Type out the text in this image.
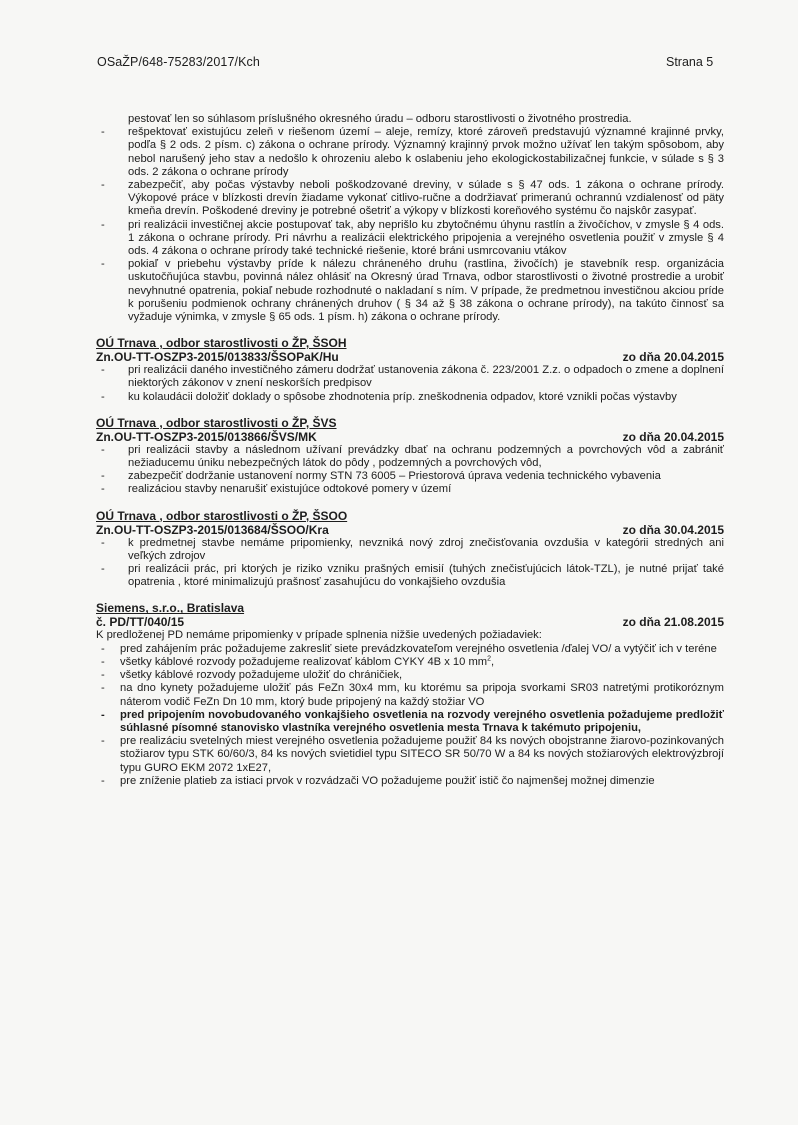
OSaŽP/648-75283/2017/Kch	Strana 5
pestovať len so súhlasom príslušného okresného úradu – odboru starostlivosti o životného prostredia.
- rešpektovať existujúcu zeleň v riešenom území – aleje, remízy, ktoré zároveň predstavujú významné krajinné prvky, podľa § 2 ods. 2 písm. c) zákona o ochrane prírody. Významný krajinný prvok možno užívať len takým spôsobom, aby nebol narušený jeho stav a nedošlo k ohrozeniu alebo k oslabeniu jeho ekologickostabilizačnej funkcie, v súlade s § 3 ods. 2 zákona o ochrane prírody
- zabezpečiť, aby počas výstavby neboli poškodzované dreviny, v súlade s § 47 ods. 1 zákona o ochrane prírody. Výkopové práce v blízkosti drevín žiadame vykonať citlivo-ručne a dodržiavať primeranú ochrannú vzdialenosť od päty kmeňa drevín. Poškodené dreviny je potrebné ošetriť a výkopy v blízkosti koreňového systému čo najskôr zasypať.
- pri realizácii investičnej akcie postupovať tak, aby neprišlo ku zbytočnému úhynu rastlín a živočíchov, v zmysle § 4 ods. 1 zákona o ochrane prírody. Pri návrhu a realizácii elektrického pripojenia a verejného osvetlenia použiť v zmysle § 4 ods. 4 zákona o ochrane prírody také technické riešenie, ktoré bráni usmrcovaniu vtákov
- pokiaľ v priebehu výstavby príde k nálezu chráneného druhu (rastlina, živočích) je stavebník resp. organizácia uskutočňujúca stavbu, povinná nález ohlásiť na Okresný úrad Trnava, odbor starostlivosti o životné prostredie a urobiť nevyhnutné opatrenia, pokiaľ nebude rozhodnuté o nakladaní s ním. V prípade, že predmetnou investičnou akciou príde k porušeniu podmienok ochrany chránených druhov ( § 34 až § 38 zákona o ochrane prírody), na takúto činnosť sa vyžaduje výnimka, v zmysle § 65 ods. 1 písm. h) zákona o ochrane prírody.
OÚ Trnava , odbor starostlivosti o ŽP, ŠSOH
Zn.OU-TT-OSZP3-2015/013833/ŠSOPaK/Hu	zo dňa 20.04.2015
- pri realizácii daného investičného zámeru dodržať ustanovenia zákona č. 223/2001 Z.z. o odpadoch o zmene a doplnení niektorých zákonov v znení neskorších predpisov
- ku kolaudácii doložiť doklady o spôsobe zhodnotenia príp. zneškodnenia odpadov, ktoré vznikli počas výstavby
OÚ Trnava , odbor starostlivosti o ŽP, ŠVS
Zn.OU-TT-OSZP3-2015/013866/ŠVS/MK	zo dňa 20.04.2015
- pri realizácii stavby a následnom užívaní prevádzky dbať na ochranu podzemných a povrchových vôd a zabrániť nežiaducemu úniku nebezpečných látok do pôdy , podzemných a povrchových vôd,
- zabezpečiť dodržanie ustanovení normy STN 73 6005 – Priestorová úprava vedenia technického vybavenia
- realizáciou stavby nenarušiť existujúce odtokové pomery v území
OÚ Trnava , odbor starostlivosti o ŽP, ŠSOO
Zn.OU-TT-OSZP3-2015/013684/ŠSOO/Kra	zo dňa 30.04.2015
- k predmetnej stavbe nemáme pripomienky, nevzniká nový zdroj znečisťovania ovzdušia v kategórii stredných ani veľkých zdrojov
- pri realizácii prác, pri ktorých je riziko vzniku prašných emisií (tuhých znečisťujúcich látok-TZL), je nutné prijať také opatrenia , ktoré minimalizujú prašnosť zasahujúcu do vonkajšieho ovzdušia
Siemens, s.r.o., Bratislava
č. PD/TT/040/15	zo dňa 21.08.2015
K predloženej PD nemáme pripomienky v prípade splnenia nižšie uvedených požiadaviek:
- pred zahájením prác požadujeme zakresliť siete prevádzkovateľom verejného osvetlenia /ďalej VO/ a vytýčiť ich v teréne
- všetky káblové rozvody požadujeme realizovať káblom CYKY 4B x 10 $mm^2$,
- všetky káblové rozvody požadujeme uložiť do chráničiek,
- na dno kynety požadujeme uložiť pás FeZn 30x4 mm, ku ktorému sa pripoja svorkami SR03 natretými protikoróznym náterom vodič FeZn Dn 10 mm, ktorý bude pripojený na každý stožiar VO
- pred pripojením novobudovaného vonkajšieho osvetlenia na rozvody verejného osvetlenia požadujeme predložiť súhlasné písomné stanovisko vlastníka verejného osvetlenia mesta Trnava k takémuto pripojeniu,
- pre realizáciu svetelných miest verejného osvetlenia požadujeme použiť 84 ks nových obojstranne žiarovo-pozinkovaných stožiarov typu STK 60/60/3, 84 ks nových svietidiel typu SITECO SR 50/70 W a 84 ks nových stožiarových elektrovýzbrojí typu GURO EKM 2072 1xE27,
- pre zníženie platieb za istiaci prvok v rozvádzači VO požadujeme použiť istič čo najmenšej možnej dimenzie
